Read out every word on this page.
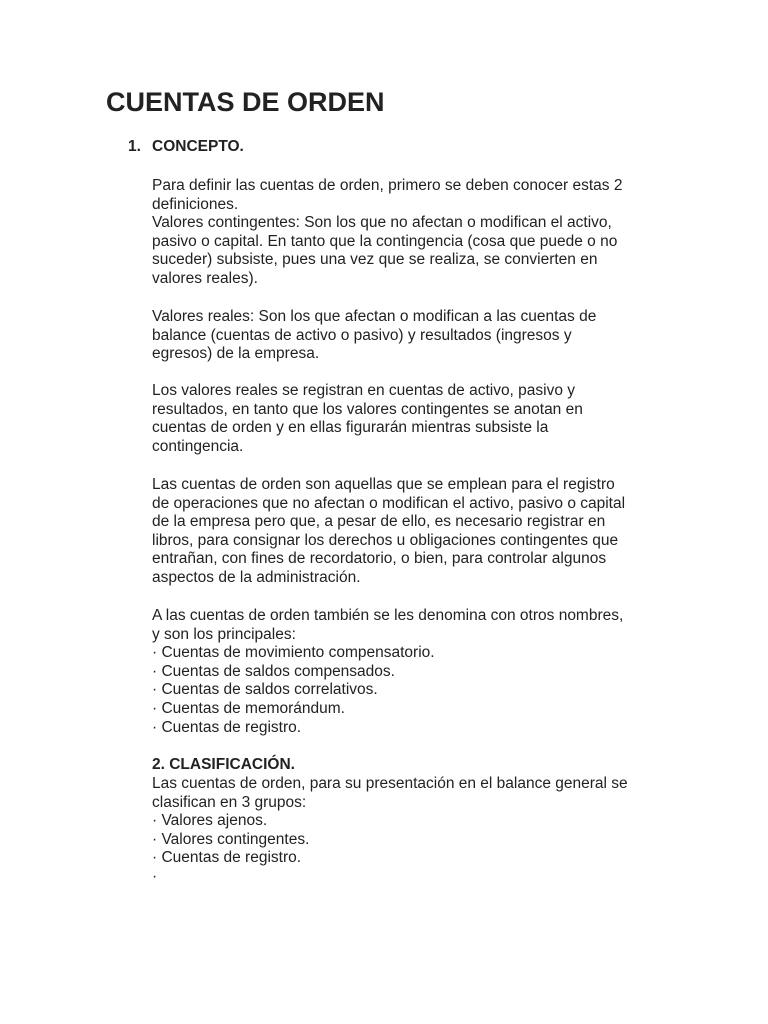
CUENTAS DE ORDEN
1. CONCEPTO.

Para definir las cuentas de orden, primero se deben conocer estas 2
definiciones.
Valores contingentes: Son los que no afectan o modifican el activo,
pasivo o capital. En tanto que la contingencia (cosa que puede o no
suceder) subsiste, pues una vez que se realiza, se convierten en
valores reales).

Valores reales: Son los que afectan o modifican a las cuentas de
balance (cuentas de activo o pasivo) y resultados (ingresos y
egresos) de la empresa.

Los valores reales se registran en cuentas de activo, pasivo y
resultados, en tanto que los valores contingentes se anotan en
cuentas de orden y en ellas figurarán mientras subsiste la
contingencia.

Las cuentas de orden son aquellas que se emplean para el registro
de operaciones que no afectan o modifican el activo, pasivo o capital
de la empresa pero que, a pesar de ello, es necesario registrar en
libros, para consignar los derechos u obligaciones contingentes que
entrañan, con fines de recordatorio, o bien, para controlar algunos
aspectos de la administración.

A las cuentas de orden también se les denomina con otros nombres,
y son los principales:
· Cuentas de movimiento compensatorio.
· Cuentas de saldos compensados.
· Cuentas de saldos correlativos.
· Cuentas de memorándum.
· Cuentas de registro.

2. CLASIFICACIÓN.

Las cuentas de orden, para su presentación en el balance general se
clasifican en 3 grupos:
· Valores ajenos.
· Valores contingentes.
· Cuentas de registro.
·
